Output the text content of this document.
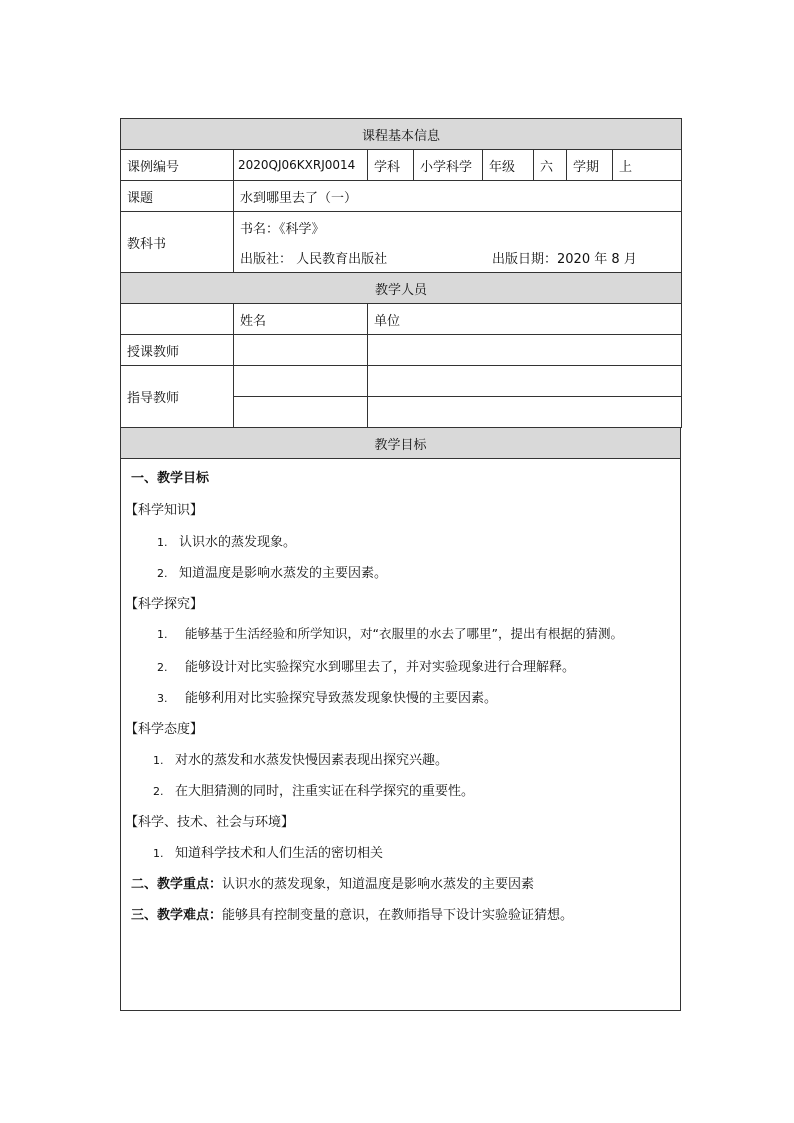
课程基本信息							
课例编号	2020QJ06KXRJ0014	学科	小学科学	年级	六	学期	上
课题	水到哪里去了（一）						
教科书	书名：《科学》
出版社： 人民教育出版社 出版日期：2020 年 8 月						
教学人员		
	姓名	单位
授课教师		
指导教师		

教学目标
一、教学目标
【科学知识】
1. 认识水的蒸发现象。
2. 知道温度是影响水蒸发的主要因素。
【科学探究】
1. 能够基于生活经验和所学知识，对“衣服里的水去了哪里”，提出有根据的猜测。
2. 能够设计对比实验探究水到哪里去了，并对实验现象进行合理解释。
3. 能够利用对比实验探究导致蒸发现象快慢的主要因素。
【科学态度】
1. 对水的蒸发和水蒸发快慢因素表现出探究兴趣。
2. 在大胆猜测的同时，注重实证在科学探究的重要性。
【科学、技术、社会与环境】
1. 知道科学技术和人们生活的密切相关
二、教学重点：认识水的蒸发现象，知道温度是影响水蒸发的主要因素
三、教学难点：能够具有控制变量的意识，在教师指导下设计实验验证猜想。
